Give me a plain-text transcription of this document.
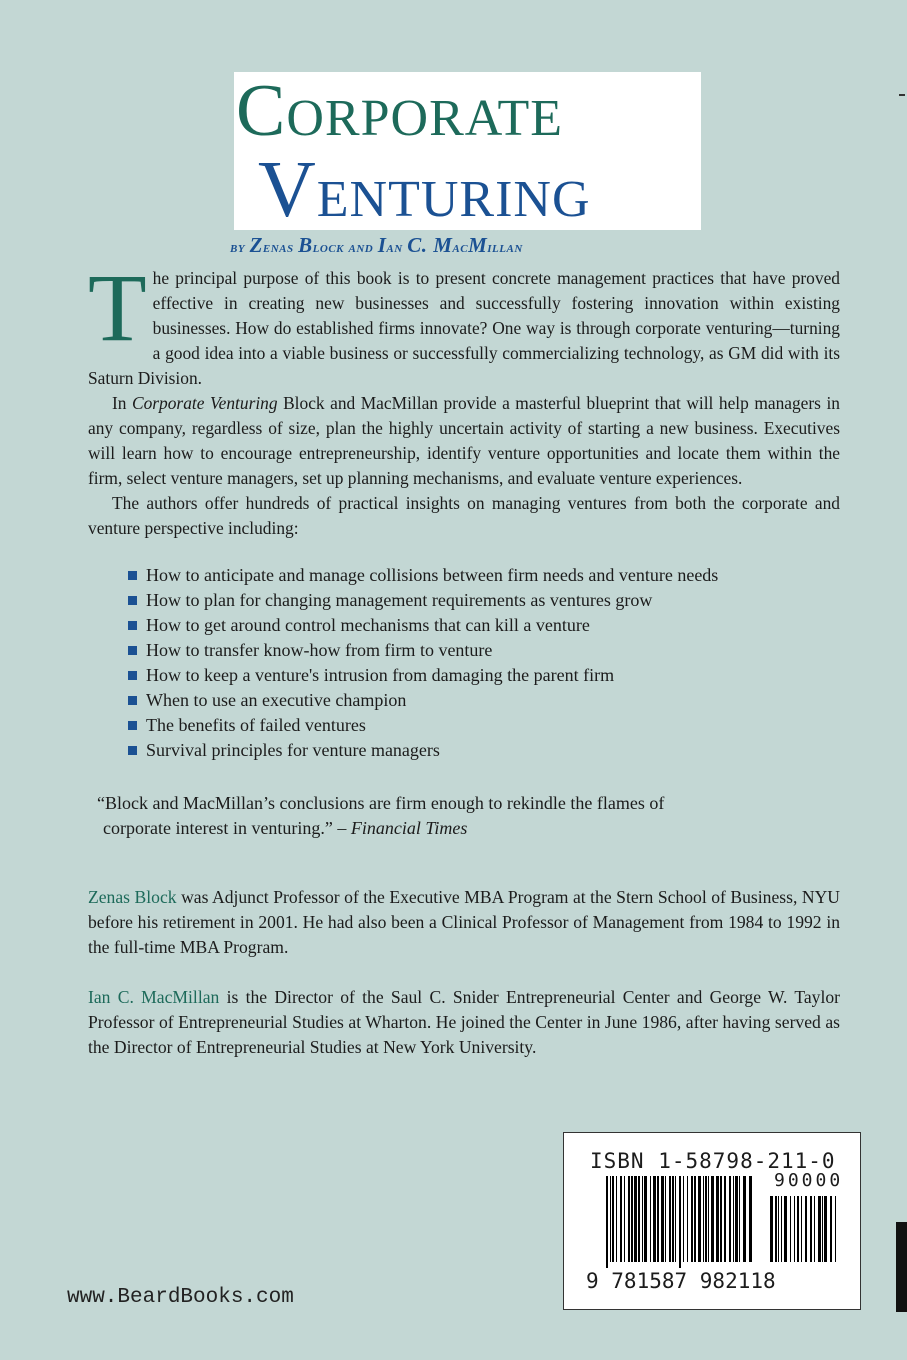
CORPORATE
VENTURING
by Zenas Block and Ian C. MacMillan

The principal purpose of this book is to present concrete management practices that have proved effective in creating new businesses and successfully fostering innovation within existing businesses. How do established firms innovate? One way is through corporate venturing—turning a good idea into a viable business or successfully commercializing technology, as GM did with its Saturn Division.

In Corporate Venturing Block and MacMillan provide a masterful blueprint that will help managers in any company, regardless of size, plan the highly uncertain activity of starting a new business. Executives will learn how to encourage entrepreneurship, identify venture opportunities and locate them within the firm, select venture managers, set up planning mechanisms, and evaluate venture experiences.

The authors offer hundreds of practical insights on managing ventures from both the corporate and venture perspective including:

How to anticipate and manage collisions between firm needs and venture needs
How to plan for changing management requirements as ventures grow
How to get around control mechanisms that can kill a venture
How to transfer know-how from firm to venture
How to keep a venture's intrusion from damaging the parent firm
When to use an executive champion
The benefits of failed ventures
Survival principles for venture managers
“Block and MacMillan’s conclusions are firm enough to rekindle the flames of
corporate interest in venturing.” – Financial Times
Zenas Block was Adjunct Professor of the Executive MBA Program at the Stern School of Business, NYU before his retirement in 2001. He had also been a Clinical Professor of Management from 1984 to 1992 in the full-time MBA Program.
Ian C. MacMillan is the Director of the Saul C. Snider Entrepreneurial Center and George W. Taylor Professor of Entrepreneurial Studies at Wharton. He joined the Center in June 1986, after having served as the Director of Entrepreneurial Studies at New York University.
ISBN 1-58798-211-0
90000
9 781587 982118
www.BeardBooks.com
